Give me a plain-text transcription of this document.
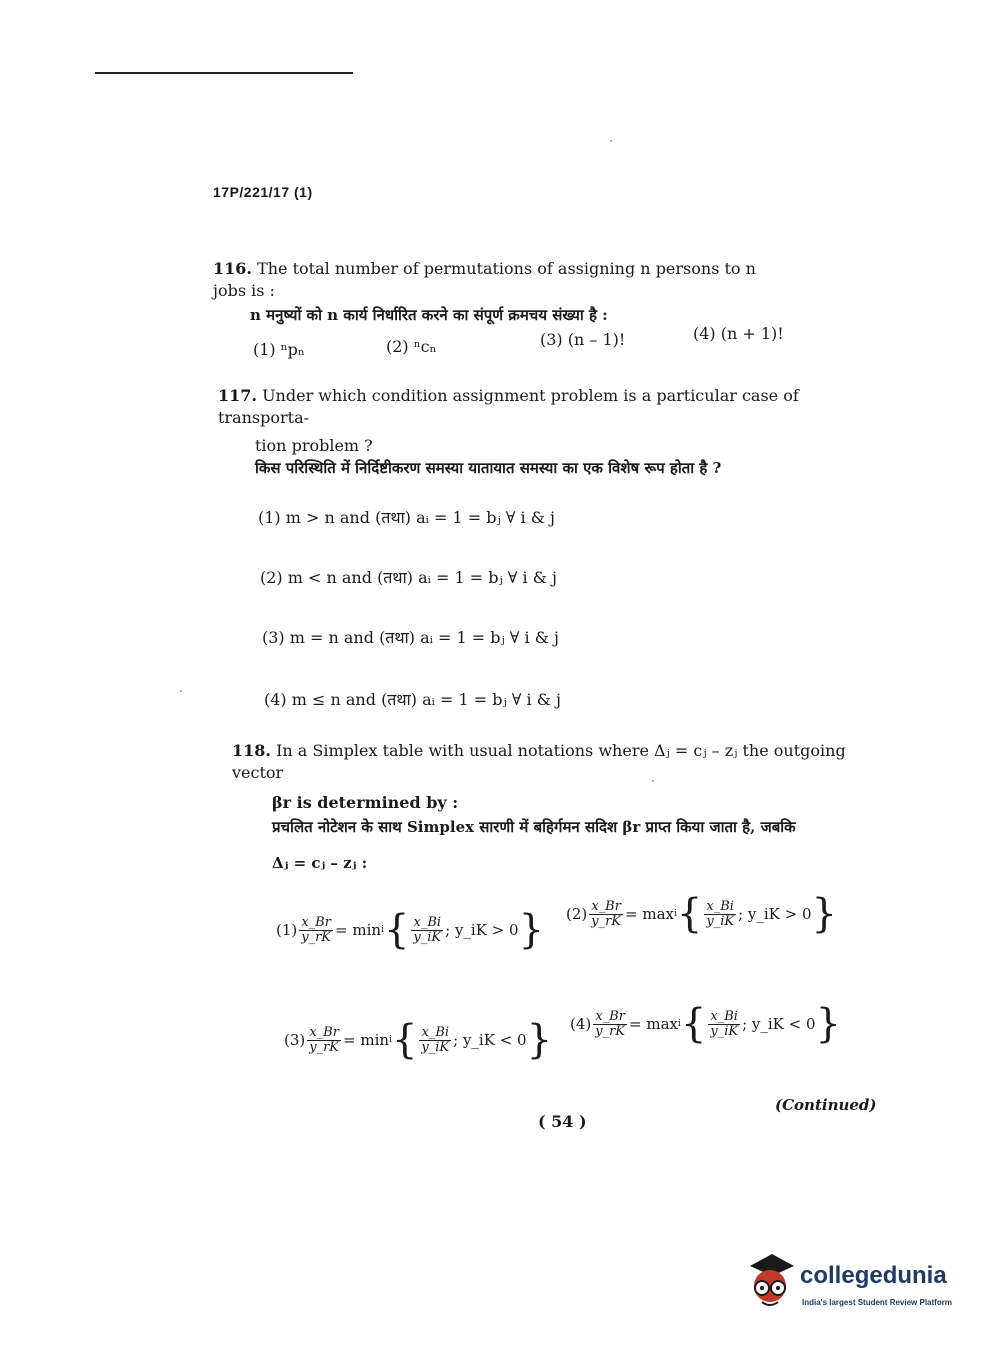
17P/221/17 (1)
116. The total number of permutations of assigning n persons to n jobs is :
n मनुष्यों को n कार्य निर्धारित करने का संपूर्ण क्रमचय संख्या है :
(1) ⁿpₙ	(2) ⁿcₙ	(3) (n – 1)!	(4) (n + 1)!
117. Under which condition assignment problem is a particular case of transporta-
tion problem ?
किस परिस्थिति में निर्दिष्टीकरण समस्या यातायात समस्या का एक विशेष रूप होता है ?
(1) m > n and (तथा) aᵢ = 1 = bⱼ ∀ i & j
(2) m < n and (तथा) aᵢ = 1 = bⱼ ∀ i & j
(3) m = n and (तथा) aᵢ = 1 = bⱼ ∀ i & j
(4) m ≤ n and (तथा) aᵢ = 1 = bⱼ ∀ i & j
118. In a Simplex table with usual notations where Δⱼ = cⱼ – zⱼ the outgoing vector
βr is determined by :
प्रचलित नोटेशन के साथ Simplex सारणी में बहिर्गमन सदिश βr प्राप्त किया जाता है, जबकि
Δⱼ = cⱼ – zⱼ :
$(1) \frac{x\_Br}{y\_rK} = \min i$ { $\frac{x\_Bi}{y\_iK}$ ; y_iK > 0 } $(2) \frac{x\_Br}{y\_rK} = \max i$ { $\frac{x\_Bi}{y\_iK}$ ; y_iK > 0 }
$(3) \frac{x\_Br}{y\_rK} = \min i$ { $\frac{x\_Bi}{y\_iK}$ ; y_iK < 0 } $(4) \frac{x\_Br}{y\_rK} = \max i$ { $\frac{x\_Bi}{y\_iK}$ ; y_iK < 0 }
( 54 )
(Continued)
collegedunia
India's largest Student Review Platform
